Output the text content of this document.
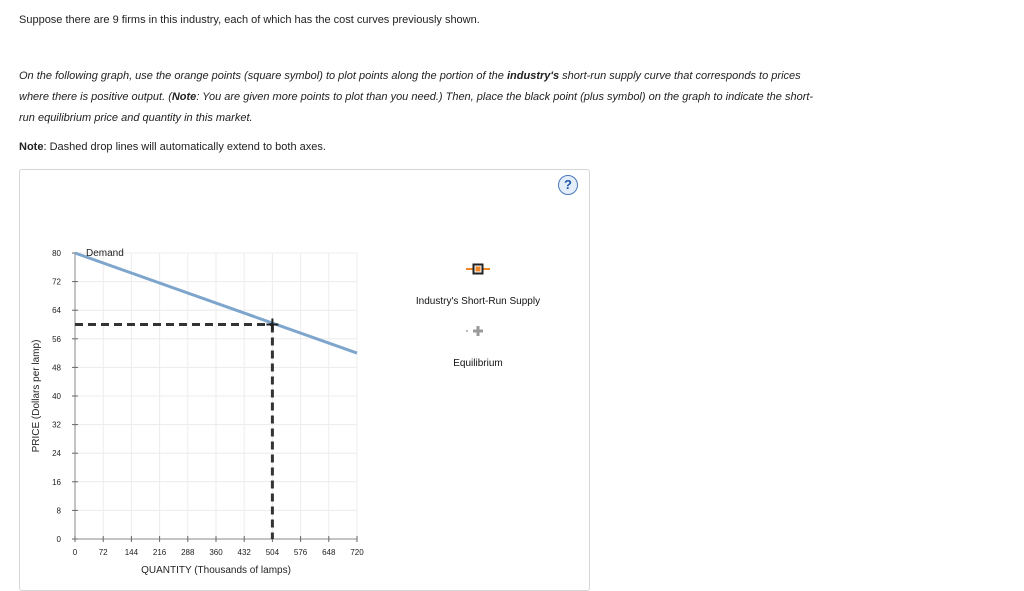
Suppose there are 9 firms in this industry, each of which has the cost curves previously shown.

On the following graph, use the orange points (square symbol) to plot points along the portion of the industry's short-run supply curve that corresponds to prices where there is positive output. (Note: You are given more points to plot than you need.) Then, place the black point (plus symbol) on the graph to indicate the short-run equilibrium price and quantity in this market.

Note: Dashed drop lines will automatically extend to both axes.

?
0
8
16
24
32
40
48
56
64
72
80
0	72 144 216 288 360 432 504 576 648 720
Demand
PRICE (Dollars per lamp)
QUANTITY (Thousands of lamps)
Industry's Short-Run Supply
Equilibrium
